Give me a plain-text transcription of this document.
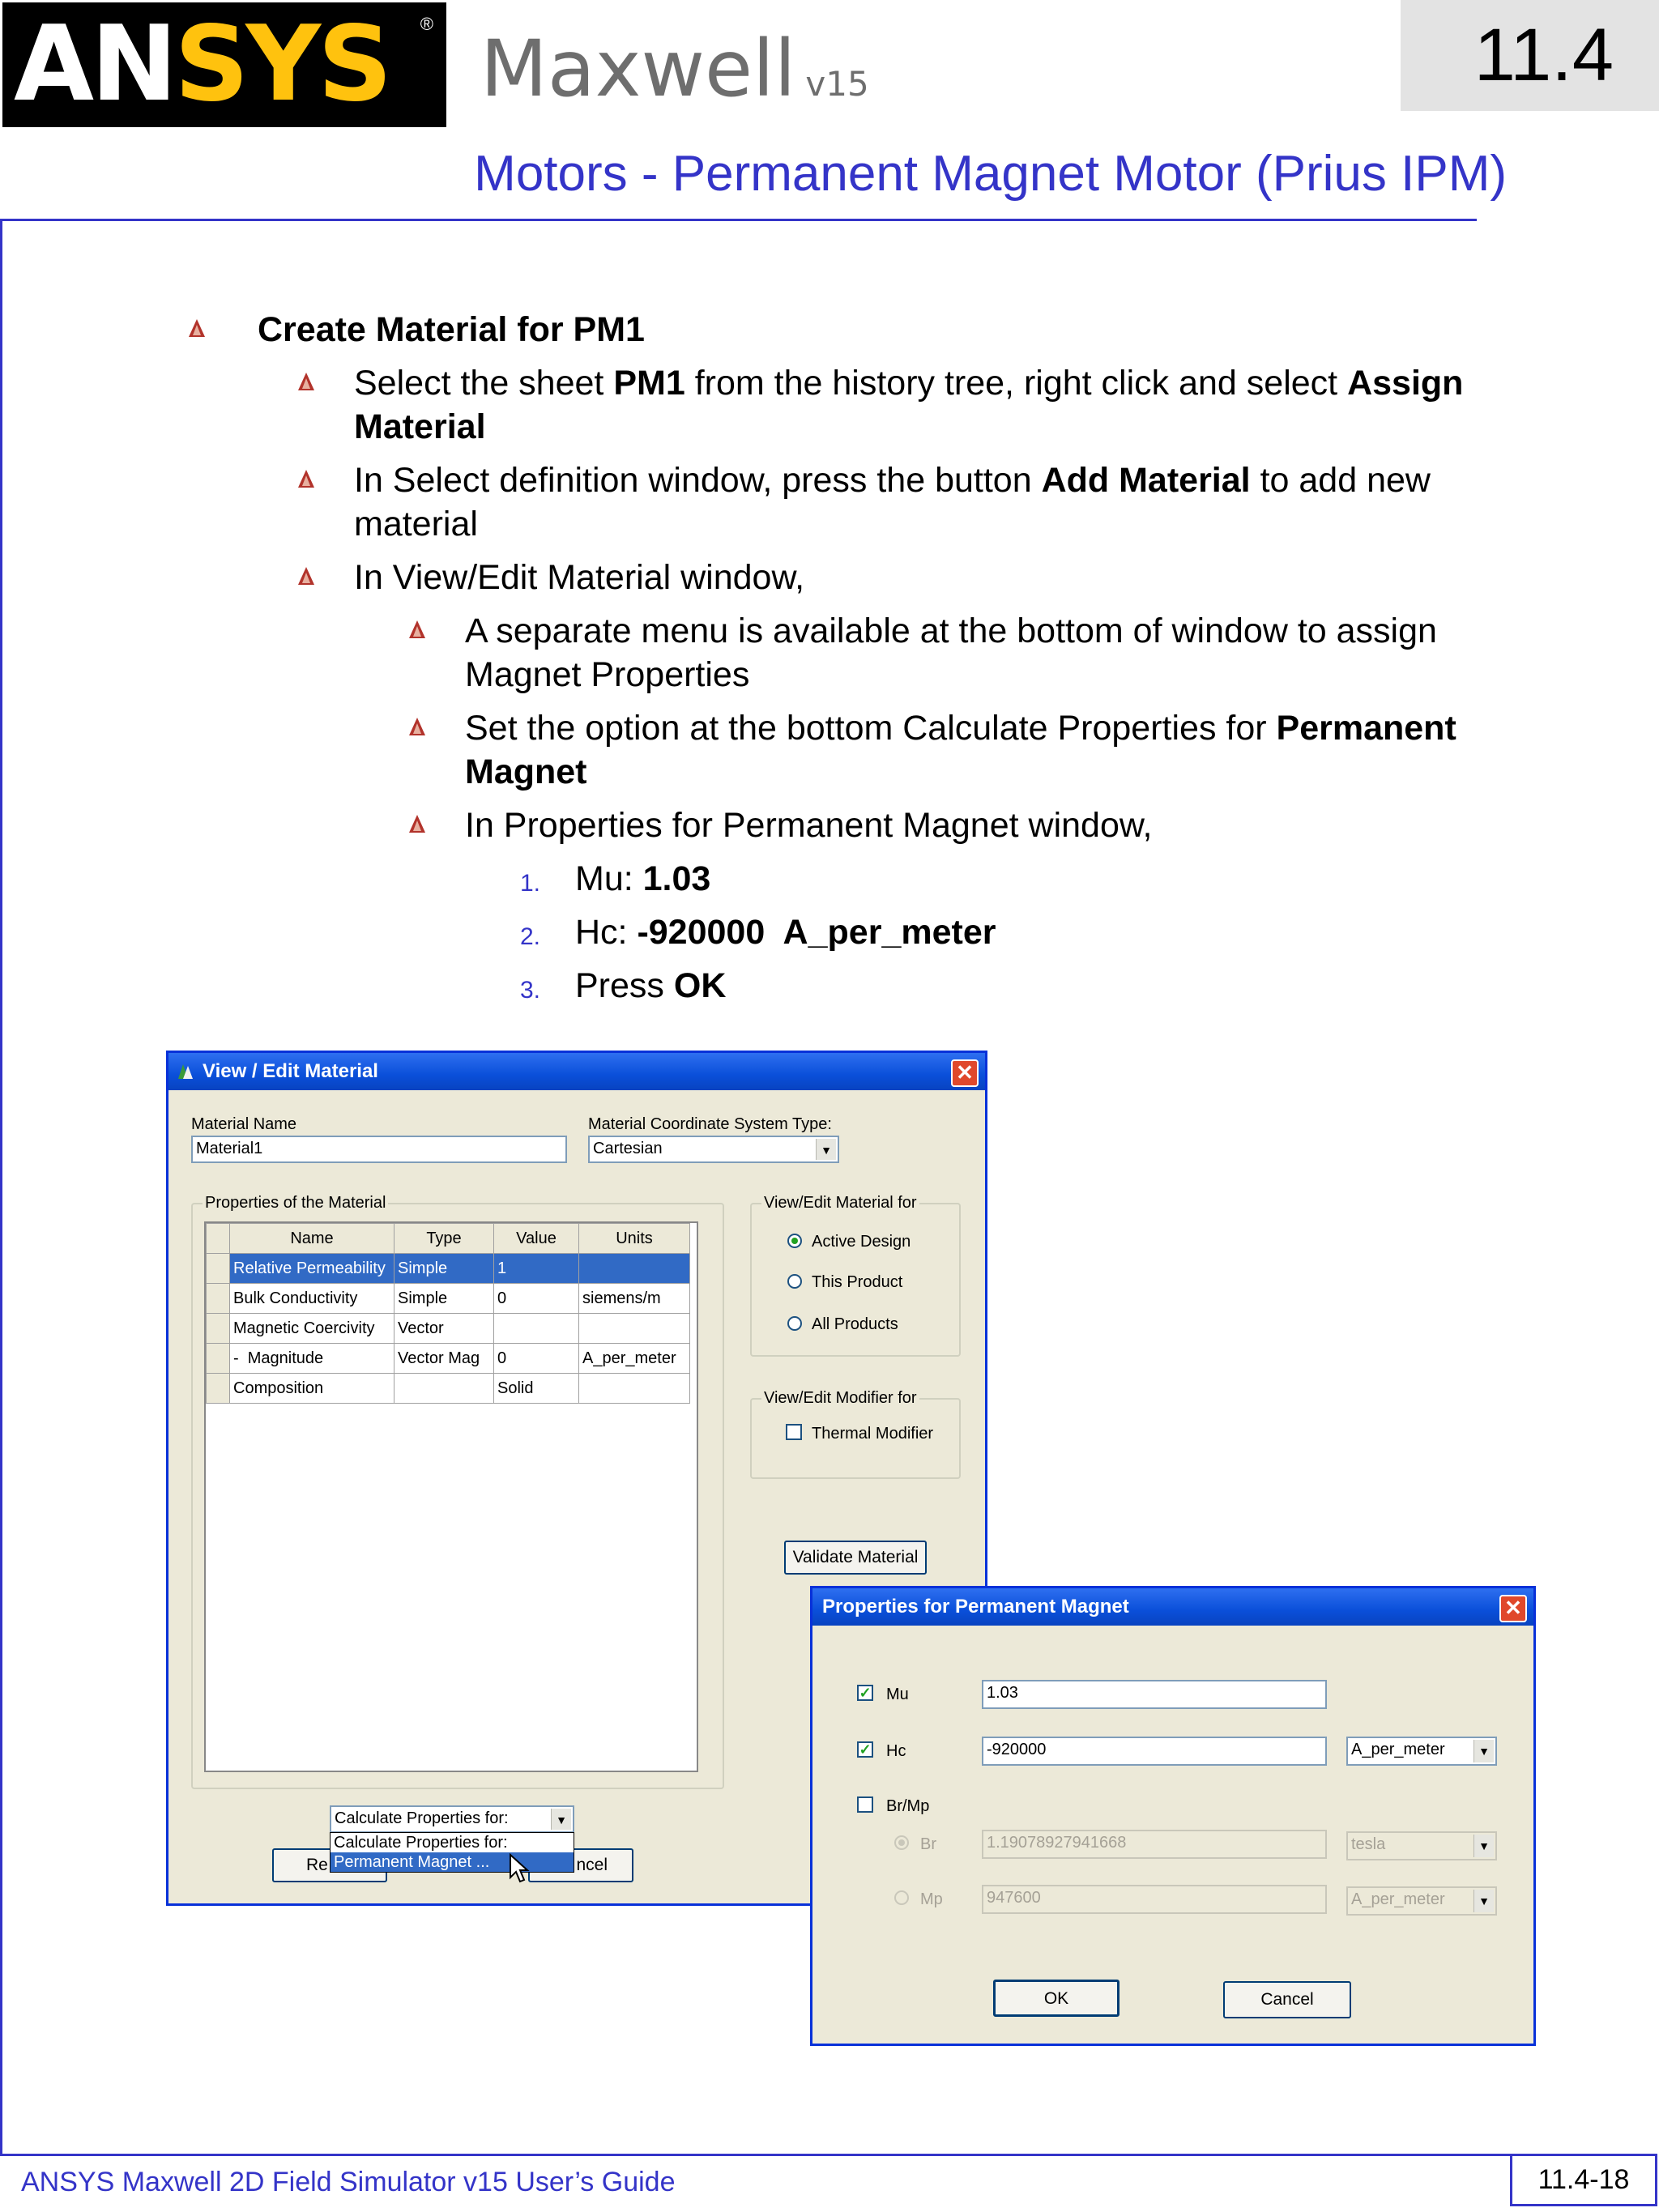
ANSYS ® Maxwell v15	11.4
Motors - Permanent Magnet Motor (Prius IPM)
Create Material for PM1
Select the sheet PM1 from the history tree, right click and select Assign
Material
In Select definition window, press the button Add Material to add new
material
In View/Edit Material window,
A separate menu is available at the bottom of window to assign
Magnet Properties
Set the option at the bottom Calculate Properties for Permanent
Magnet
In Properties for Permanent Magnet window,
1. Mu: 1.03
2. Hc: -920000  A_per_meter
3. Press OK
View / Edit Material	✕
Material Name
Material1
Material Coordinate System Type:
Cartesian	▼
Properties of the Material
	Name	Type	Value	Units
	Relative Permeability	Simple	1	
	Bulk Conductivity	Simple	0	siemens/m
	Magnetic Coercivity	Vector		
	-  Magnitude	Vector Mag	0	A_per_meter
	Composition		Solid	
View/Edit Material for
Active Design
This Product
All Products
View/Edit Modifier for
Thermal Modifier
Validate Material
Re	ncel
Calculate Properties for:	▼
Calculate Properties for:
Permanent Magnet ...
Properties for Permanent Magnet	✕
✓ Mu	1.03
✓ Hc	-920000	A_per_meter	▼
Br/Mp
Br	1.19078927941668	tesla	▼
Mp	947600	A_per_meter	▼
OK	Cancel
ANSYS Maxwell 2D Field Simulator v15 User’s Guide	11.4-18
